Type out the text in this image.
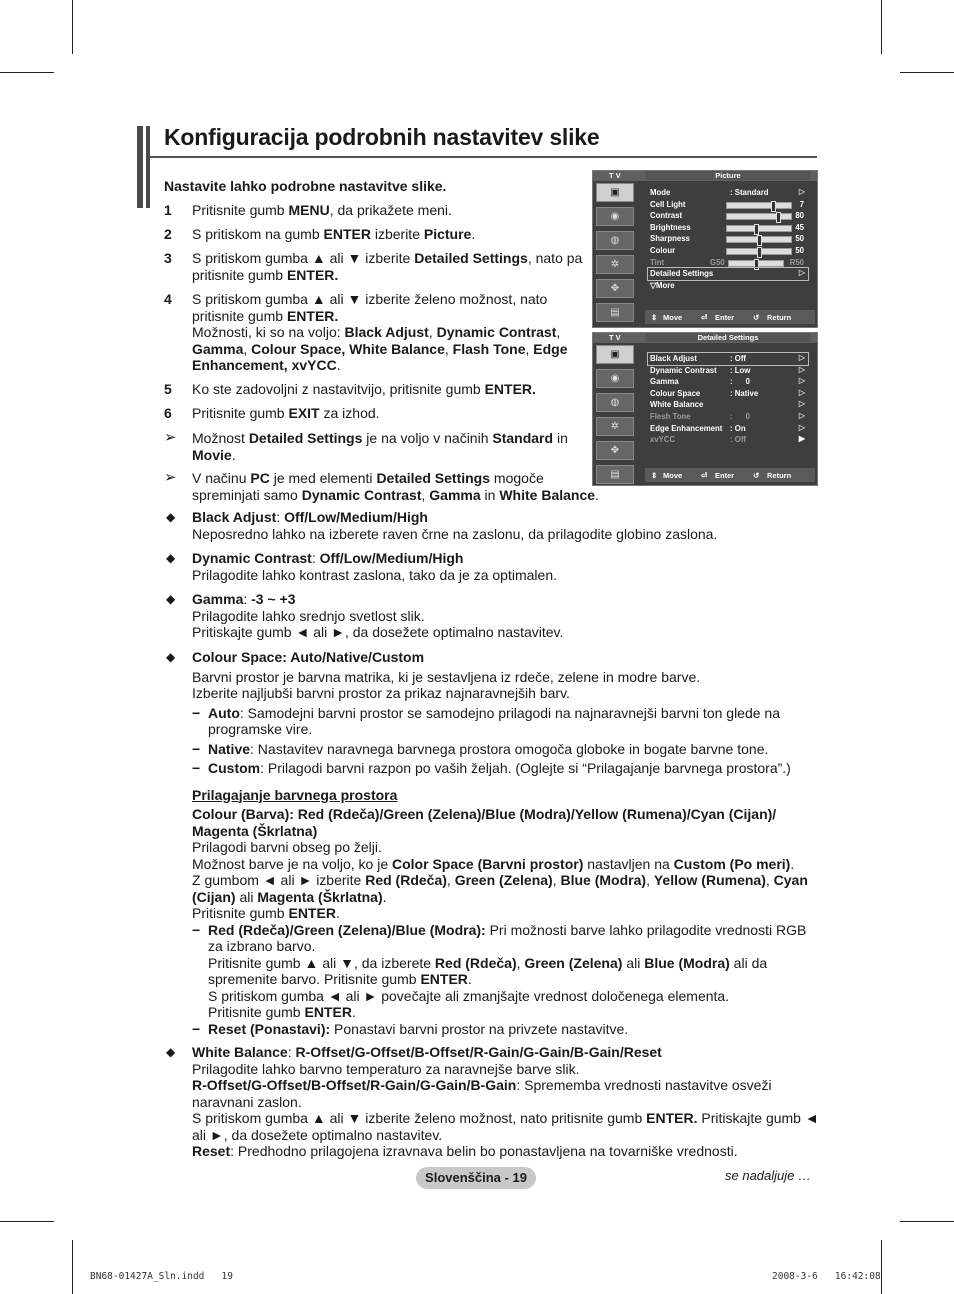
Konfiguracija podrobnih nastavitev slike
Nastavite lahko podrobne nastavitve slike.
1 Pritisnite gumb MENU, da prikažete meni.
2 S pritiskom na gumb ENTER izberite Picture.
3 S pritiskom gumba ▲ ali ▼ izberite Detailed Settings, nato pa pritisnite gumb ENTER.
4 S pritiskom gumba ▲ ali ▼ izberite želeno možnost, nato pritisnite gumb ENTER.
Možnosti, ki so na voljo: Black Adjust, Dynamic Contrast, Gamma, Colour Space, White Balance, Flash Tone, Edge Enhancement, xvYCC.
5 Ko ste zadovoljni z nastavitvijo, pritisnite gumb ENTER.
6 Pritisnite gumb EXIT za izhod.
➢ Možnost Detailed Settings je na voljo v načinih Standard in Movie.
➢ V načinu PC je med elementi Detailed Settings mogoče spreminjati samo Dynamic Contrast, Gamma in White Balance.
◆ Black Adjust: Off/Low/Medium/High
Neposredno lahko na izberete raven črne na zaslonu, da prilagodite globino zaslona.
◆ Dynamic Contrast: Off/Low/Medium/High
Prilagodite lahko kontrast zaslona, tako da je za optimalen.
◆ Gamma: -3 ~ +3
Prilagodite lahko srednjo svetlost slik.
Pritiskajte gumb ◄ ali ►, da dosežete optimalno nastavitev.
◆ Colour Space: Auto/Native/Custom
Barvni prostor je barvna matrika, ki je sestavljena iz rdeče, zelene in modre barve.
Izberite najljubši barvni prostor za prikaz najnaravnejših barv.
− Auto: Samodejni barvni prostor se samodejno prilagodi na najnaravnejši barvni ton glede na programske vire.
− Native: Nastavitev naravnega barvnega prostora omogoča globoke in bogate barvne tone.
− Custom: Prilagodi barvni razpon po vaših željah. (Oglejte si “Prilagajanje barvnega prostora”.)
Prilagajanje barvnega prostora
Colour (Barva): Red (Rdeča)/Green (Zelena)/Blue (Modra)/Yellow (Rumena)/Cyan (Cijan)/ Magenta (Škrlatna)
Prilagodi barvni obseg po želji.
Možnost barve je na voljo, ko je Color Space (Barvni prostor) nastavljen na Custom (Po meri).
Z gumbom ◄ ali ► izberite Red (Rdeča), Green (Zelena), Blue (Modra), Yellow (Rumena), Cyan (Cijan) ali Magenta (Škrlatna).
Pritisnite gumb ENTER.
− Red (Rdeča)/Green (Zelena)/Blue (Modra): Pri možnosti barve lahko prilagodite vrednosti RGB za izbrano barvo.
Pritisnite gumb ▲ ali ▼, da izberete Red (Rdeča), Green (Zelena) ali Blue (Modra) ali da spremenite barvo. Pritisnite gumb ENTER.
S pritiskom gumba ◄ ali ► povečajte ali zmanjšajte vrednost določenega elementa.
Pritisnite gumb ENTER.
− Reset (Ponastavi): Ponastavi barvni prostor na privzete nastavitve.
◆ White Balance: R-Offset/G-Offset/B-Offset/R-Gain/G-Gain/B-Gain/Reset
Prilagodite lahko barvno temperaturo za naravnejše barve slik.
R-Offset/G-Offset/B-Offset/R-Gain/G-Gain/B-Gain: Sprememba vrednosti nastavitve osveži naravnani zaslon.
S pritiskom gumba ▲ ali ▼ izberite želeno možnost, nato pritisnite gumb ENTER. Pritiskajte gumb ◄ ali ►, da dosežete optimalno nastavitev.
Reset: Predhodno prilagojena izravnava belin bo ponastavljena na tovarniške vrednosti.
T V	Picture
▣
◉
◍
✲
✥
▤
Mode	: Standard	▷
Cell Light	7
Contrast	80
Brightness	45
Sharpness	50
Colour	50
Tint	G50	R50
Detailed Settings	▷
▽More
⇕ Move	⏎ Enter	↺ Return
T V	Detailed Settings
▣
◉
◍
✲
✥
▤
Black Adjust	: Off	▷
Dynamic Contrast : Low	▷
Gamma	:      0	▷
Colour Space	: Native	▷
White Balance	▷
Flesh Tone	:      0	▷
Edge Enhancement : On	▷
xvYCC	: Off	▶
⇕ Move	⏎ Enter	↺ Return
Slovenščina - 19	se nadaljuje …
BN68-01427A_Sln.indd   19	2008-3-6   16:42:08
